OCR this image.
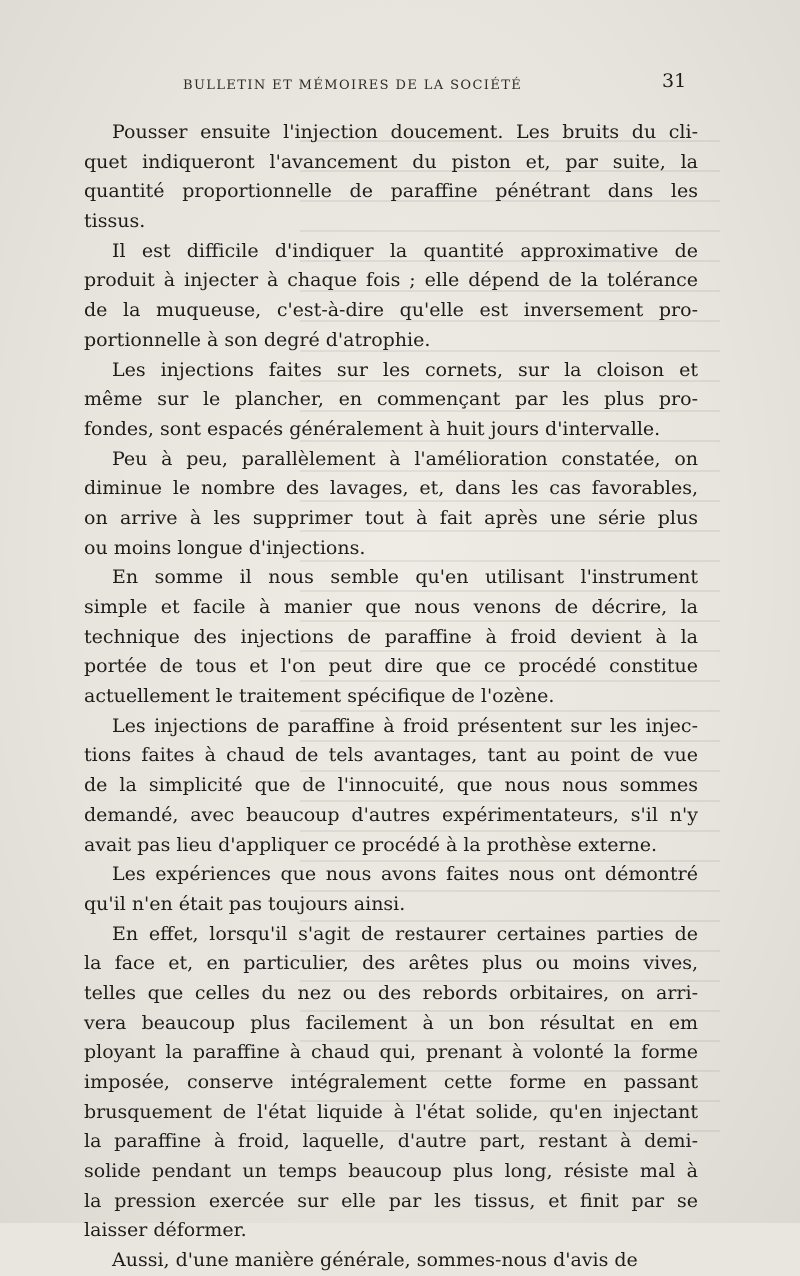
BULLETIN ET MÉMOIRES DE LA SOCIÉTÉ	31
Pousser ensuite l'injection doucement. Les bruits du cli-
quet indiqueront l'avancement du piston et, par suite, la
quantité proportionnelle de paraffine pénétrant dans les
tissus.
Il est difficile d'indiquer la quantité approximative de
produit à injecter à chaque fois ; elle dépend de la tolérance
de la muqueuse, c'est-à-dire qu'elle est inversement pro-
portionnelle à son degré d'atrophie.
Les injections faites sur les cornets, sur la cloison et
même sur le plancher, en commençant par les plus pro-
fondes, sont espacés généralement à huit jours d'intervalle.
Peu à peu, parallèlement à l'amélioration constatée, on
diminue le nombre des lavages, et, dans les cas favorables,
on arrive à les supprimer tout à fait après une série plus
ou moins longue d'injections.
En somme il nous semble qu'en utilisant l'instrument
simple et facile à manier que nous venons de décrire, la
technique des injections de paraffine à froid devient à la
portée de tous et l'on peut dire que ce procédé constitue
actuellement le traitement spécifique de l'ozène.
Les injections de paraffine à froid présentent sur les injec-
tions faites à chaud de tels avantages, tant au point de vue
de la simplicité que de l'innocuité, que nous nous sommes
demandé, avec beaucoup d'autres expérimentateurs, s'il n'y
avait pas lieu d'appliquer ce procédé à la prothèse externe.
Les expériences que nous avons faites nous ont démontré
qu'il n'en était pas toujours ainsi.
En effet, lorsqu'il s'agit de restaurer certaines parties de
la face et, en particulier, des arêtes plus ou moins vives,
telles que celles du nez ou des rebords orbitaires, on arri-
vera beaucoup plus facilement à un bon résultat en em
ployant la paraffine à chaud qui, prenant à volonté la forme
imposée, conserve intégralement cette forme en passant
brusquement de l'état liquide à l'état solide, qu'en injectant
la paraffine à froid, laquelle, d'autre part, restant à demi-
solide pendant un temps beaucoup plus long, résiste mal à
la pression exercée sur elle par les tissus, et finit par se
laisser déformer.
Aussi, d'une manière générale, sommes-nous d'avis de
